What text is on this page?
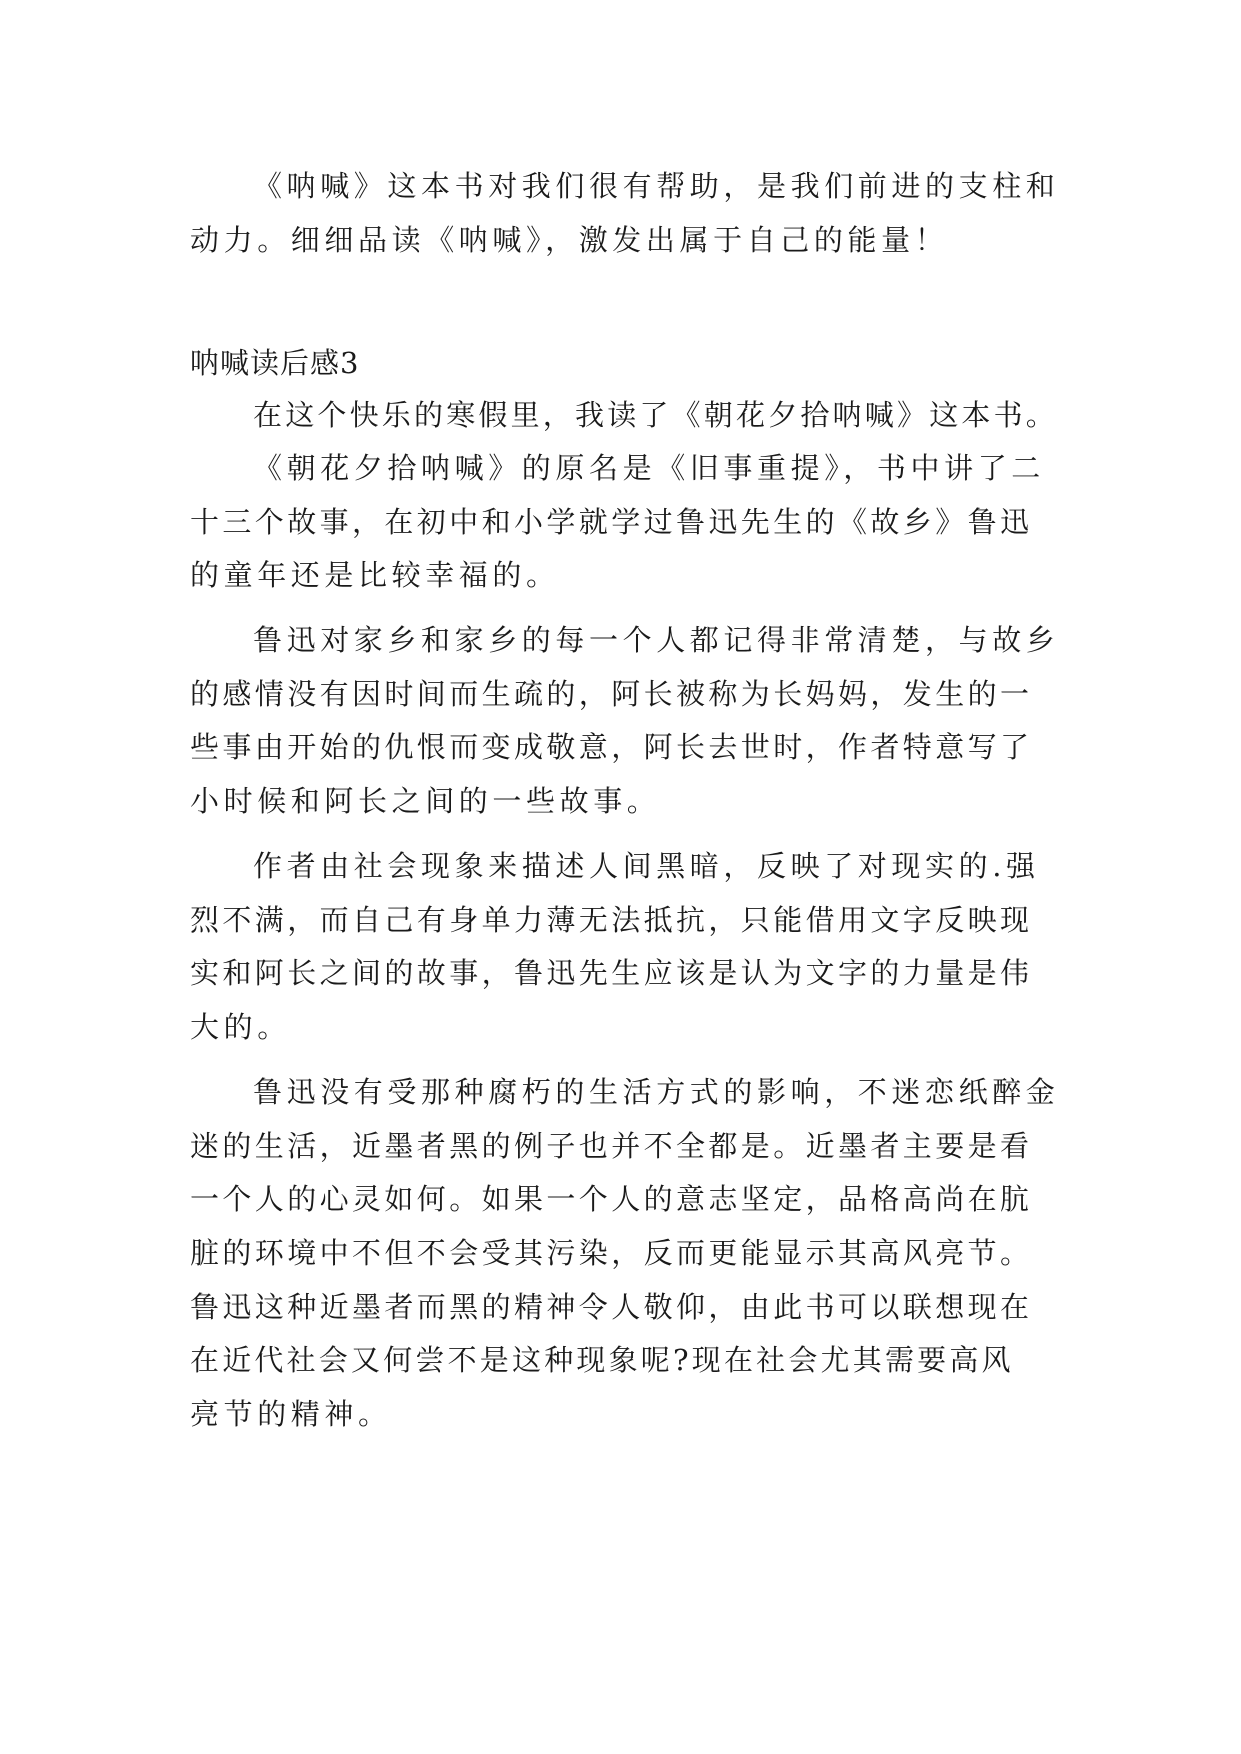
《呐喊》这本书对我们很有帮助，是我们前进的支柱和

动力。细细品读《呐喊》，激发出属于自己的能量！

呐喊读后感3

在这个快乐的寒假里，我读了《朝花夕拾呐喊》这本书。

《朝花夕拾呐喊》的原名是《旧事重提》，书中讲了二

十三个故事，在初中和小学就学过鲁迅先生的《故乡》鲁迅

的童年还是比较幸福的。

鲁迅对家乡和家乡的每一个人都记得非常清楚，与故乡

的感情没有因时间而生疏的，阿长被称为长妈妈，发生的一

些事由开始的仇恨而变成敬意，阿长去世时，作者特意写了

小时候和阿长之间的一些故事。

作者由社会现象来描述人间黑暗，反映了对现实的.强

烈不满，而自己有身单力薄无法抵抗，只能借用文字反映现

实和阿长之间的故事，鲁迅先生应该是认为文字的力量是伟

大的。

鲁迅没有受那种腐朽的生活方式的影响，不迷恋纸醉金

迷的生活，近墨者黑的例子也并不全都是。近墨者主要是看

一个人的心灵如何。如果一个人的意志坚定，品格高尚在肮

脏的环境中不但不会受其污染，反而更能显示其高风亮节。

鲁迅这种近墨者而黑的精神令人敬仰，由此书可以联想现在

在近代社会又何尝不是这种现象呢?现在社会尤其需要高风

亮节的精神。
